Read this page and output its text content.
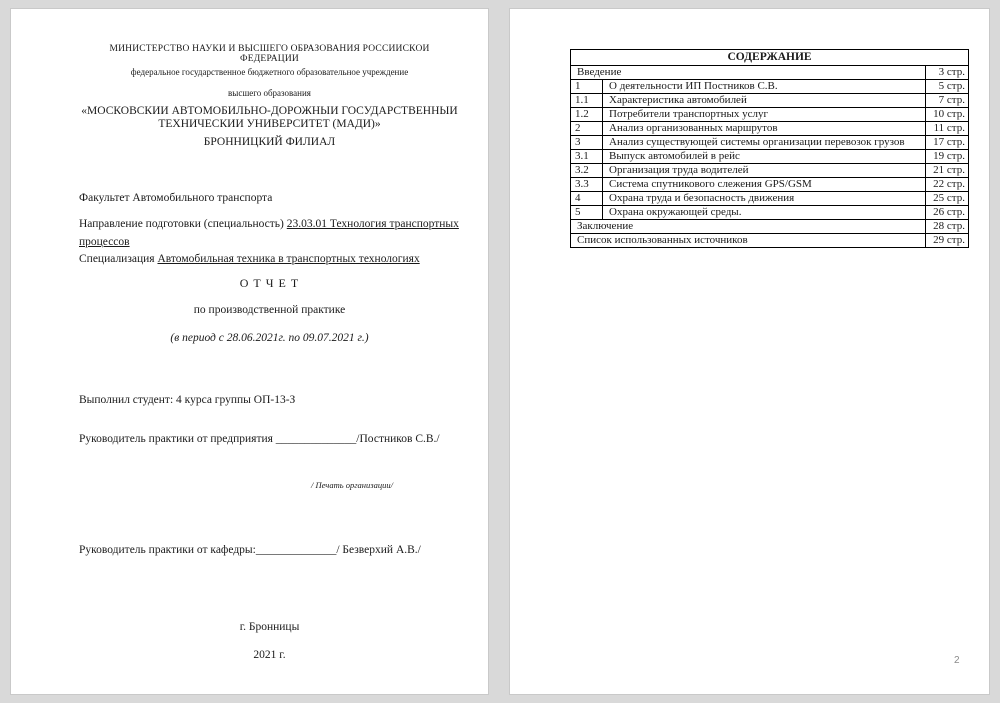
МИНИСТЕРСТВО НАУКИ И ВЫСШЕГО ОБРАЗОВАНИЯ РОССИИСКОИ ФЕДЕРАЦИИ
федеральное государственное бюджетного образовательное учреждение
высшего образования
«МОСКОВСКИИ АВТОМОБИЛЬНО-ДОРОЖНЫИ ГОСУДАРСТВЕННЫИ ТЕХНИЧЕСКИИ УНИВЕРСИТЕТ (МАДИ)»
БРОННИЦКИЙ ФИЛИАЛ
Факультет Автомобильного транспорта
Направление подготовки (специальность) 23.03.01 Технология транспортных процессов
Специализация Автомобильная техника в транспортных технологиях
О Т Ч Е Т
по производственной практике
(в период с 28.06.2021г. по 09.07.2021 г.)
Выполнил студент: 4 курса группы ОП-13-З
Руководитель практики от предприятия ______________/Постников С.В./
/ Печать организации/
Руководитель практики от кафедры:______________/ Безверхий А.В./
г. Бронницы
2021 г.
СОДЕРЖАНИЕ		
Введение		3 стр.
1	О деятельности ИП Постников С.В.	5 стр.
1.1	Характеристика автомобилей	7 стр.
1.2	Потребители транспортных услуг	10 стр.
2	Анализ организованных маршрутов	11 стр.
3	Анализ существующей системы организации перевозок грузов	17 стр.
3.1	Выпуск автомобилей в рейс	19 стр.
3.2	Организация труда водителей	21 стр.
3.3	Система спутникового слежения GPS/GSM	22 стр.
4	Охрана труда и безопасность движения	25 стр.
5	Охрана окружающей среды.	26 стр.
Заключение		28 стр.
Список использованных источников		29 стр.
2
